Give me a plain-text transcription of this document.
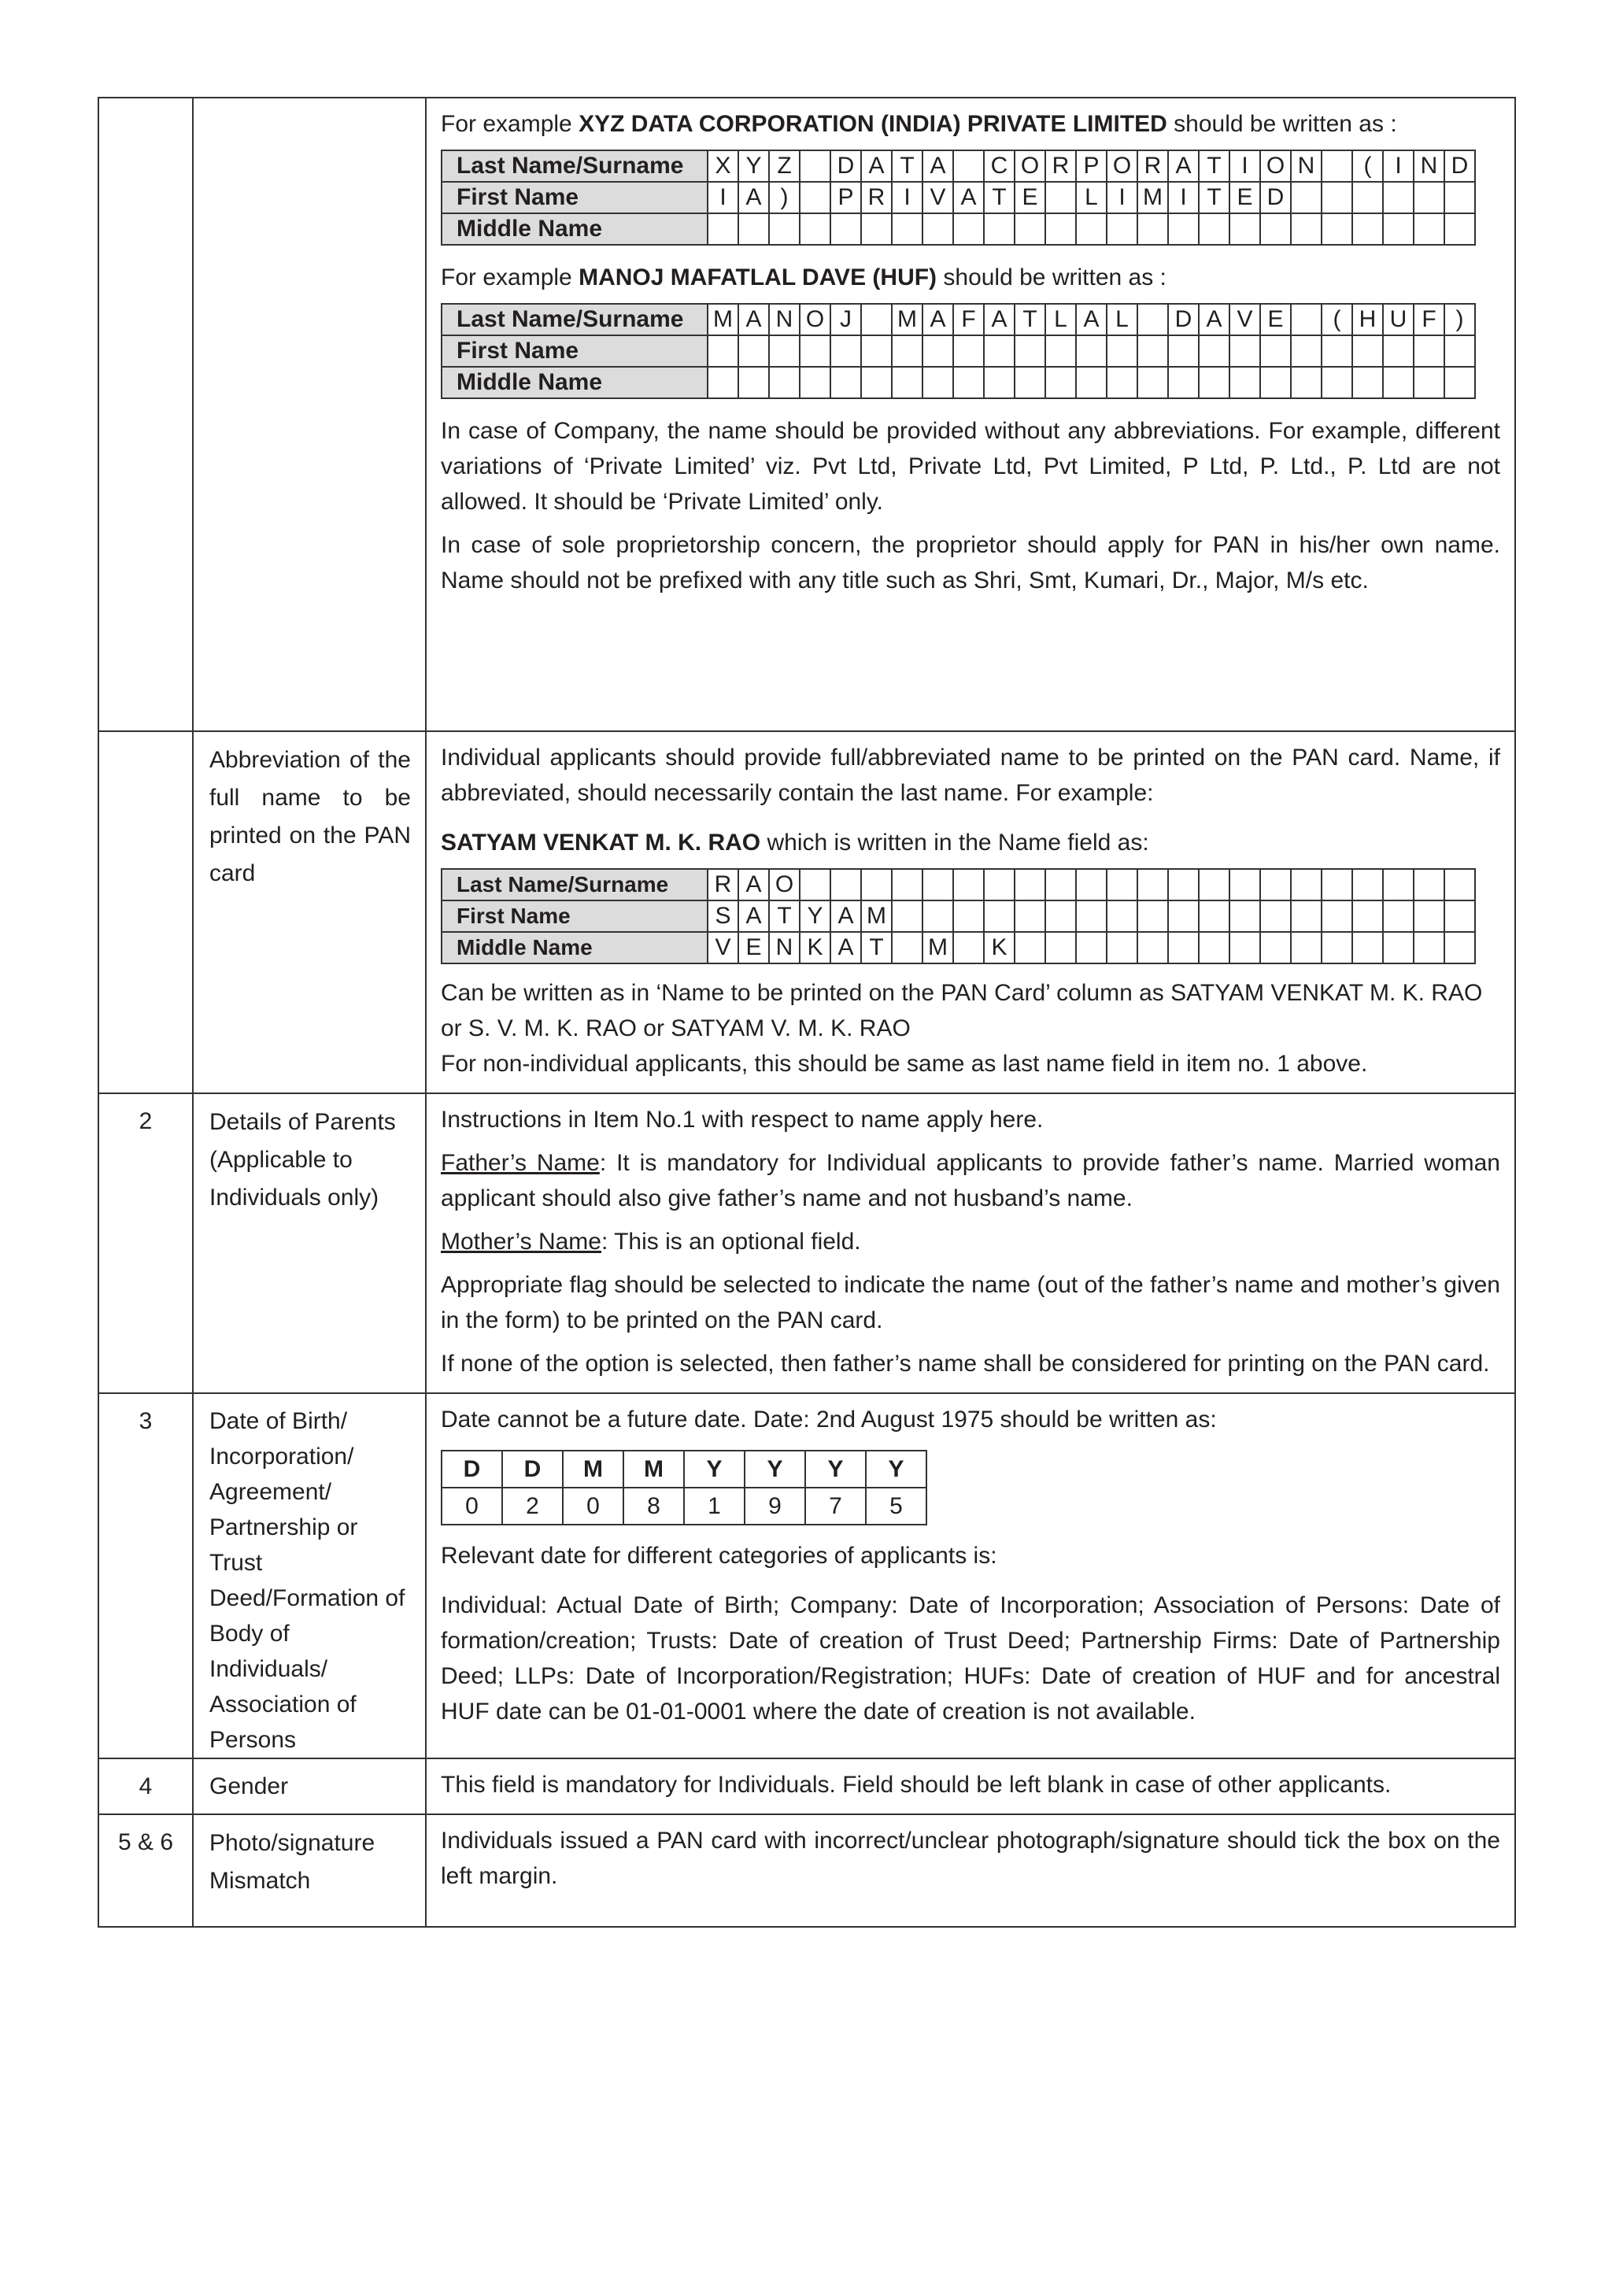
For example XYZ DATA CORPORATION (INDIA) PRIVATE LIMITED should be written as :

Last Name/Surname	X	Y	Z		D	A	T	A		C	O	R	P	O	R	A	T	I	O	N		(	I	N	D
First Name	I	A	)		P	R	I	V	A	T	E		L	I	M	I	T	E	D						
Middle Name																									

For example MANOJ MAFATLAL DAVE (HUF) should be written as :

Last Name/Surname	M	A	N	O	J		M	A	F	A	T	L	A	L		D	A	V	E		(	H	U	F	)
First Name																									
Middle Name																									

In case of Company, the name should be provided without any abbreviations. For example, different variations of ‘Private Limited’ viz. Pvt Ltd, Private Ltd, Pvt Limited, P Ltd, P. Ltd., P. Ltd are not allowed. It should be ‘Private Limited’ only.

In case of sole proprietorship concern, the proprietor should apply for PAN in his/her own name. Name should not be prefixed with any title such as Shri, Smt, Kumari, Dr., Major, M/s etc.

	Abbreviation of the full name to be printed on the PAN card	

Individual applicants should provide full/abbreviated name to be printed on the PAN card. Name, if abbreviated, should necessarily contain the last name. For example:

SATYAM VENKAT M. K. RAO which is written in the Name field as:

Last Name/Surname	R	A	O																						
First Name	S	A	T	Y	A	M																			
Middle Name	V	E	N	K	A	T		M		K															

Can be written as in ‘Name to be printed on the PAN Card’ column as SATYAM VENKAT M. K. RAO or S. V. M. K. RAO or SATYAM V. M. K. RAO

For non-individual applicants, this should be same as last name field in item no. 1 above.

2	Details of Parents (Applicable to Individuals only)	

Instructions in Item No.1 with respect to name apply here.

Father’s Name: It is mandatory for Individual applicants to provide father’s name. Married woman applicant should also give father’s name and not husband’s name.

Mother’s Name: This is an optional field.

Appropriate flag should be selected to indicate the name (out of the father’s name and mother’s given in the form) to be printed on the PAN card.

If none of the option is selected, then father’s name shall be considered for printing on the PAN card.

3	Date of Birth/ Incorporation/ Agreement/ Partnership or Trust Deed/Formation of Body of Individuals/ Association of Persons	

Date cannot be a future date. Date: 2nd August 1975 should be written as:

D	D	M	M	Y	Y	Y	Y
0	2	0	8	1	9	7	5

Relevant date for different categories of applicants is:

Individual: Actual Date of Birth; Company: Date of Incorporation; Association of Persons: Date of formation/creation; Trusts: Date of creation of Trust Deed; Partnership Firms: Date of Partnership Deed; LLPs: Date of Incorporation/Registration; HUFs: Date of creation of HUF and for ancestral HUF date can be 01-01-0001 where the date of creation is not available.

4	Gender	This field is mandatory for Individuals. Field should be left blank in case of other applicants.

5 & 6	Photo/signature Mismatch	

Individuals issued a PAN card with incorrect/unclear photograph/signature should tick the box on the left margin.
